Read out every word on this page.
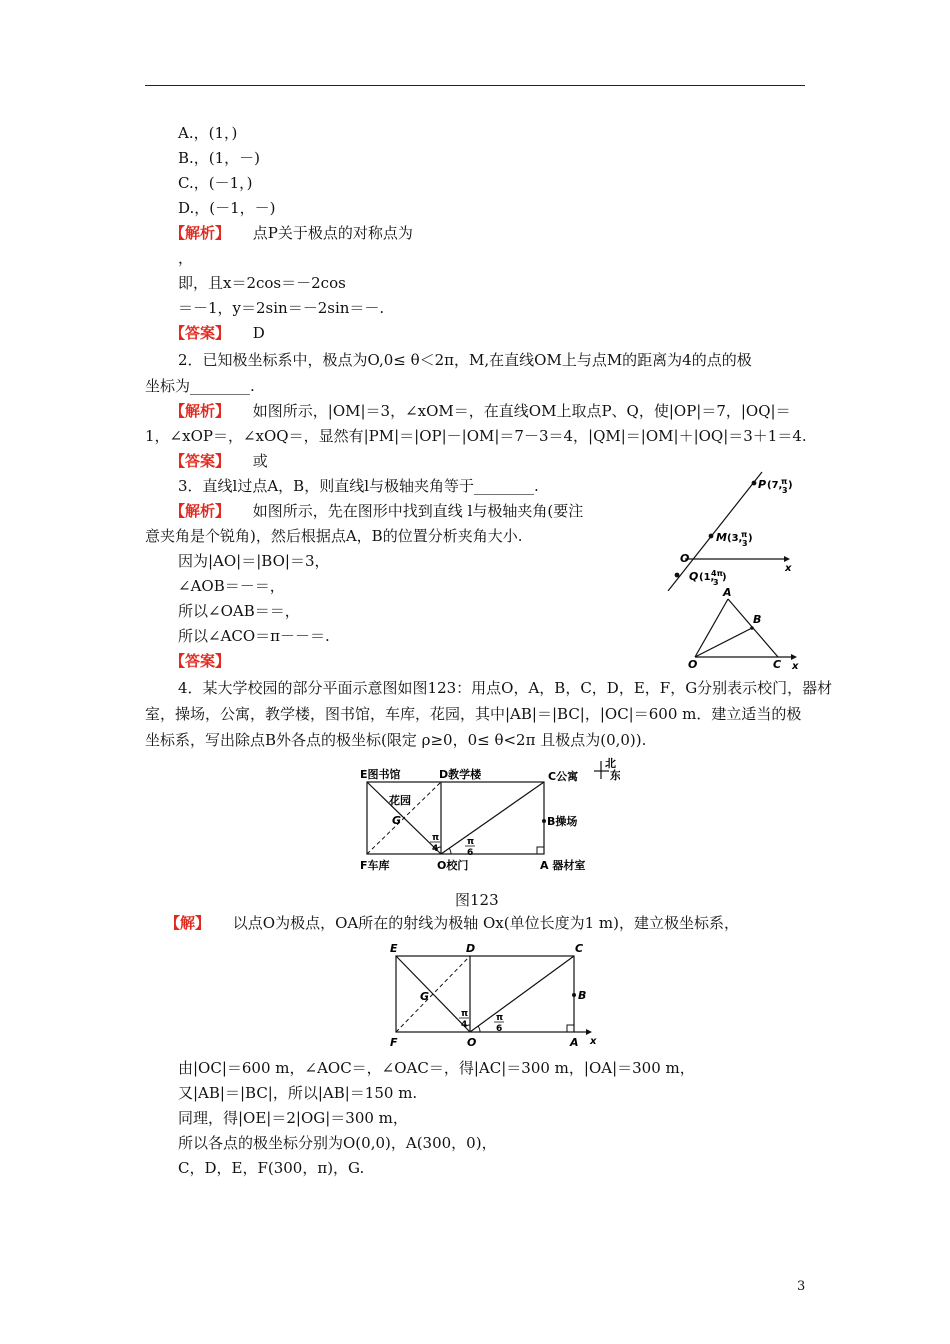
A.，(1，)
B.，(1，－)
C.，(－1，)
D.，(－1，－)
【解析】 点P关于极点的对称点为
，
即，且x＝2cos＝－2cos
＝－1，y＝2sin＝－2sin＝－.
【答案】 D
2．已知极坐标系中，极点为O,0≤ θ＜2π，M,在直线OM上与点M的距离为4的点的极
坐标为________.
【解析】 如图所示，|OM|＝3，∠xOM＝，在直线OM上取点P、Q，使|OP|＝7，|OQ|＝
1，∠xOP＝，∠xOQ＝，显然有|PM|＝|OP|－|OM|＝7－3＝4，|QM|＝|OM|＋|OQ|＝3＋1＝4.
【答案】 或
3．直线l过点A，B，则直线l与极轴夹角等于________.
【解析】 如图所示，先在图形中找到直线 l与极轴夹角(要注
意夹角是个锐角)，然后根据点A，B的位置分析夹角大小.
因为|AO|＝|BO|＝3，
∠AOB＝－＝，
所以∠OAB＝＝，
所以∠ACO＝π－－＝.
【答案】
P (7,
π
3 )
M (3,
π
3 )
O
x
Q (1,
4π
3 )
A
B
O	C x
4．某大学校园的部分平面示意图如图123：用点O，A，B，C，D，E，F，G分别表示校门，器材
室，操场，公寓，教学楼，图书馆，车库，花园，其中|AB|＝|BC|，|OC|＝600 m．建立适当的极
坐标系，写出除点B外各点的极坐标(限定 ρ≥0，0≤ θ<2π 且极点为(0,0)).
E图书馆	D教学楼	C公寓
北
东
花园
G	B操场
F车库	O校门	A 器材室
π
4
π
6
图123
【解】 以点O为极点，OA所在的射线为极轴 Ox(单位长度为1 m)，建立极坐标系，
E	D	C
G	B
F	O	A x
π
4
π
6
由|OC|＝600 m，∠AOC＝，∠OAC＝，得|AC|＝300 m，|OA|＝300 m，
又|AB|＝|BC|，所以|AB|＝150 m.
同理，得|OE|＝2|OG|＝300 m，
所以各点的极坐标分别为O(0,0)，A(300，0)，
C，D，E，F(300，π)，G.
3
